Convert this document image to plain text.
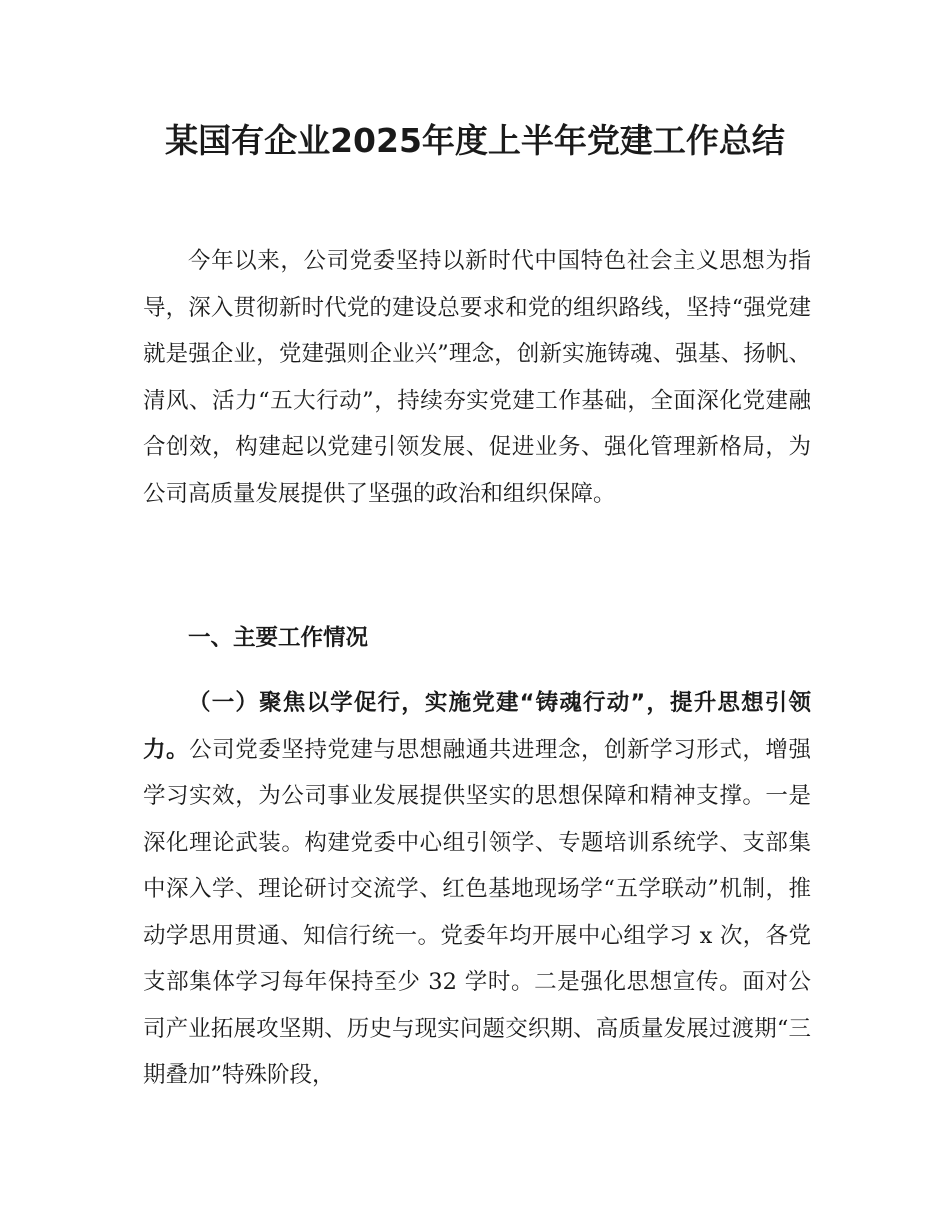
某国有企业2025年度上半年党建工作总结

今年以来，公司党委坚持以新时代中国特色社会主义思想为指导，深入贯彻新时代党的建设总要求和党的组织路线，坚持“强党建就是强企业，党建强则企业兴”理念，创新实施铸魂、强基、扬帆、清风、活力“五大行动”，持续夯实党建工作基础，全面深化党建融合创效，构建起以党建引领发展、促进业务、强化管理新格局，为公司高质量发展提供了坚强的政治和组织保障。

一、主要工作情况

（一）聚焦以学促行，实施党建“铸魂行动”，提升思想引领力。公司党委坚持党建与思想融通共进理念，创新学习形式，增强学习实效，为公司事业发展提供坚实的思想保障和精神支撑。一是深化理论武装。构建党委中心组引领学、专题培训系统学、支部集中深入学、理论研讨交流学、红色基地现场学“五学联动”机制，推动学思用贯通、知信行统一。党委年均开展中心组学习 x 次，各党支部集体学习每年保持至少 32 学时。二是强化思想宣传。面对公司产业拓展攻坚期、历史与现实问题交织期、高质量发展过渡期“三期叠加”特殊阶段，
